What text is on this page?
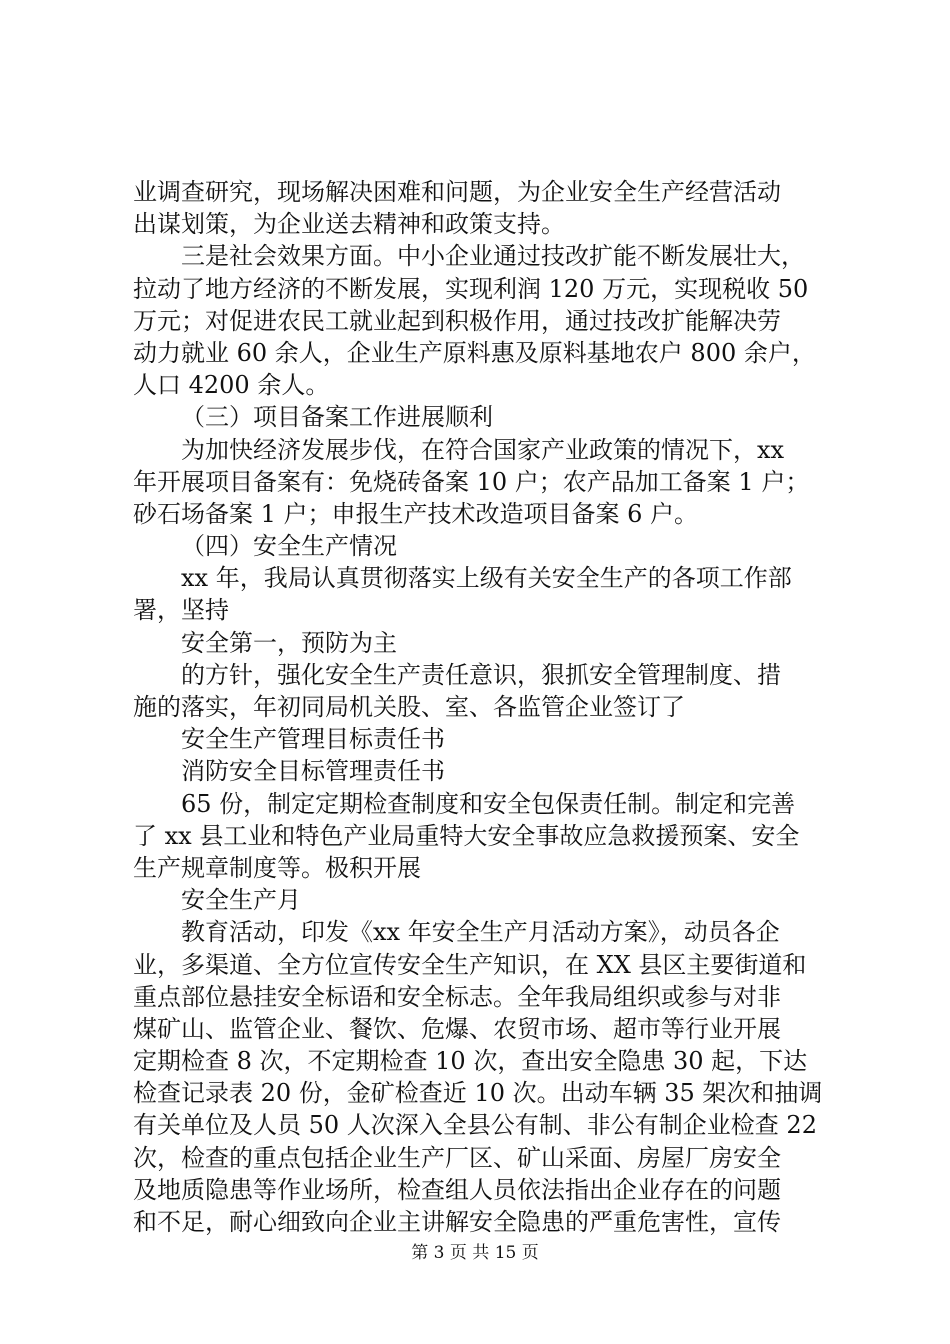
业调查研究，现场解决困难和问题，为企业安全生产经营活动
出谋划策，为企业送去精神和政策支持。
三是社会效果方面。中小企业通过技改扩能不断发展壮大，
拉动了地方经济的不断发展，实现利润 120 万元，实现税收 50
万元；对促进农民工就业起到积极作用，通过技改扩能解决劳
动力就业 60 余人，企业生产原料惠及原料基地农户 800 余户，
人口 4200 余人。
（三）项目备案工作进展顺利
为加快经济发展步伐，在符合国家产业政策的情况下，xx
年开展项目备案有：免烧砖备案 10 户；农产品加工备案 1 户；
砂石场备案 1 户；申报生产技术改造项目备案 6 户。
（四）安全生产情况
xx 年，我局认真贯彻落实上级有关安全生产的各项工作部
署，坚持
安全第一，预防为主
的方针，强化安全生产责任意识，狠抓安全管理制度、措
施的落实，年初同局机关股、室、各监管企业签订了
安全生产管理目标责任书
消防安全目标管理责任书
65 份，制定定期检查制度和安全包保责任制。制定和完善
了 xx 县工业和特色产业局重特大安全事故应急救援预案、安全
生产规章制度等。极积开展
安全生产月
教育活动，印发《xx 年安全生产月活动方案》，动员各企
业，多渠道、全方位宣传安全生产知识，在 XX 县区主要街道和
重点部位悬挂安全标语和安全标志。全年我局组织或参与对非
煤矿山、监管企业、餐饮、危爆、农贸市场、超市等行业开展
定期检查 8 次，不定期检查 10 次，查出安全隐患 30 起，下达
检查记录表 20 份，金矿检查近 10 次。出动车辆 35 架次和抽调
有关单位及人员 50 人次深入全县公有制、非公有制企业检查 22
次，检查的重点包括企业生产厂区、矿山采面、房屋厂房安全
及地质隐患等作业场所，检查组人员依法指出企业存在的问题
和不足，耐心细致向企业主讲解安全隐患的严重危害性，宣传
第 3 页 共 15 页
